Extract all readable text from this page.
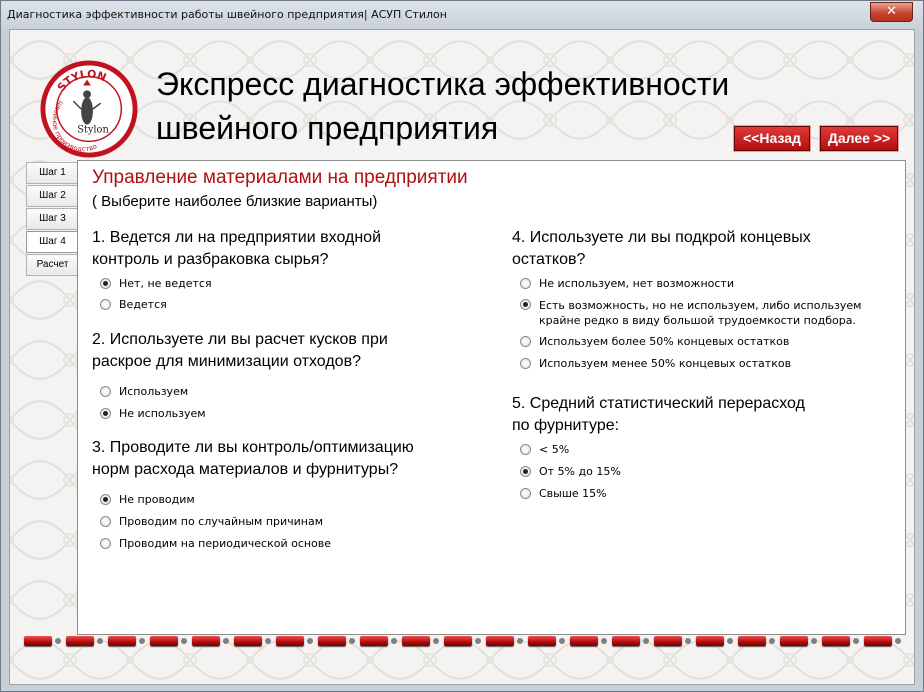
Диагностика эффективности работы швейного предприятия| АСУП Стилон	✕
STYLON
швейное производство
Stylon
Экспресс диагностика эффективности
швейного предприятия	<<Назад	Далее >>
Шаг 1
Шаг 2
Шаг 3
Шаг 4
Расчет
Управление материалами на предприятии
( Выберите наиболее близкие варианты)
1. Ведется ли на предприятии входной
контроль и разбраковка сырья?
Нет, не ведется
Ведется
2. Используете ли вы расчет кусков при
раскрое для минимизации отходов?
Используем
Не используем
3. Проводите ли вы контроль/оптимизацию
норм расхода материалов и фурнитуры?
Не проводим
Проводим по случайным причинам
Проводим на периодической основе
4. Используете ли вы подкрой концевых
остатков?
Не используем, нет возможности
Есть возможность, но не используем, либо используем крайне редко в виду большой трудоемкости подбора.
Используем более 50% концевых остатков
Используем менее 50% концевых остатков
5. Средний статистический перерасход
по фурнитуре:
< 5%
От 5% до 15%
Свыше 15%
